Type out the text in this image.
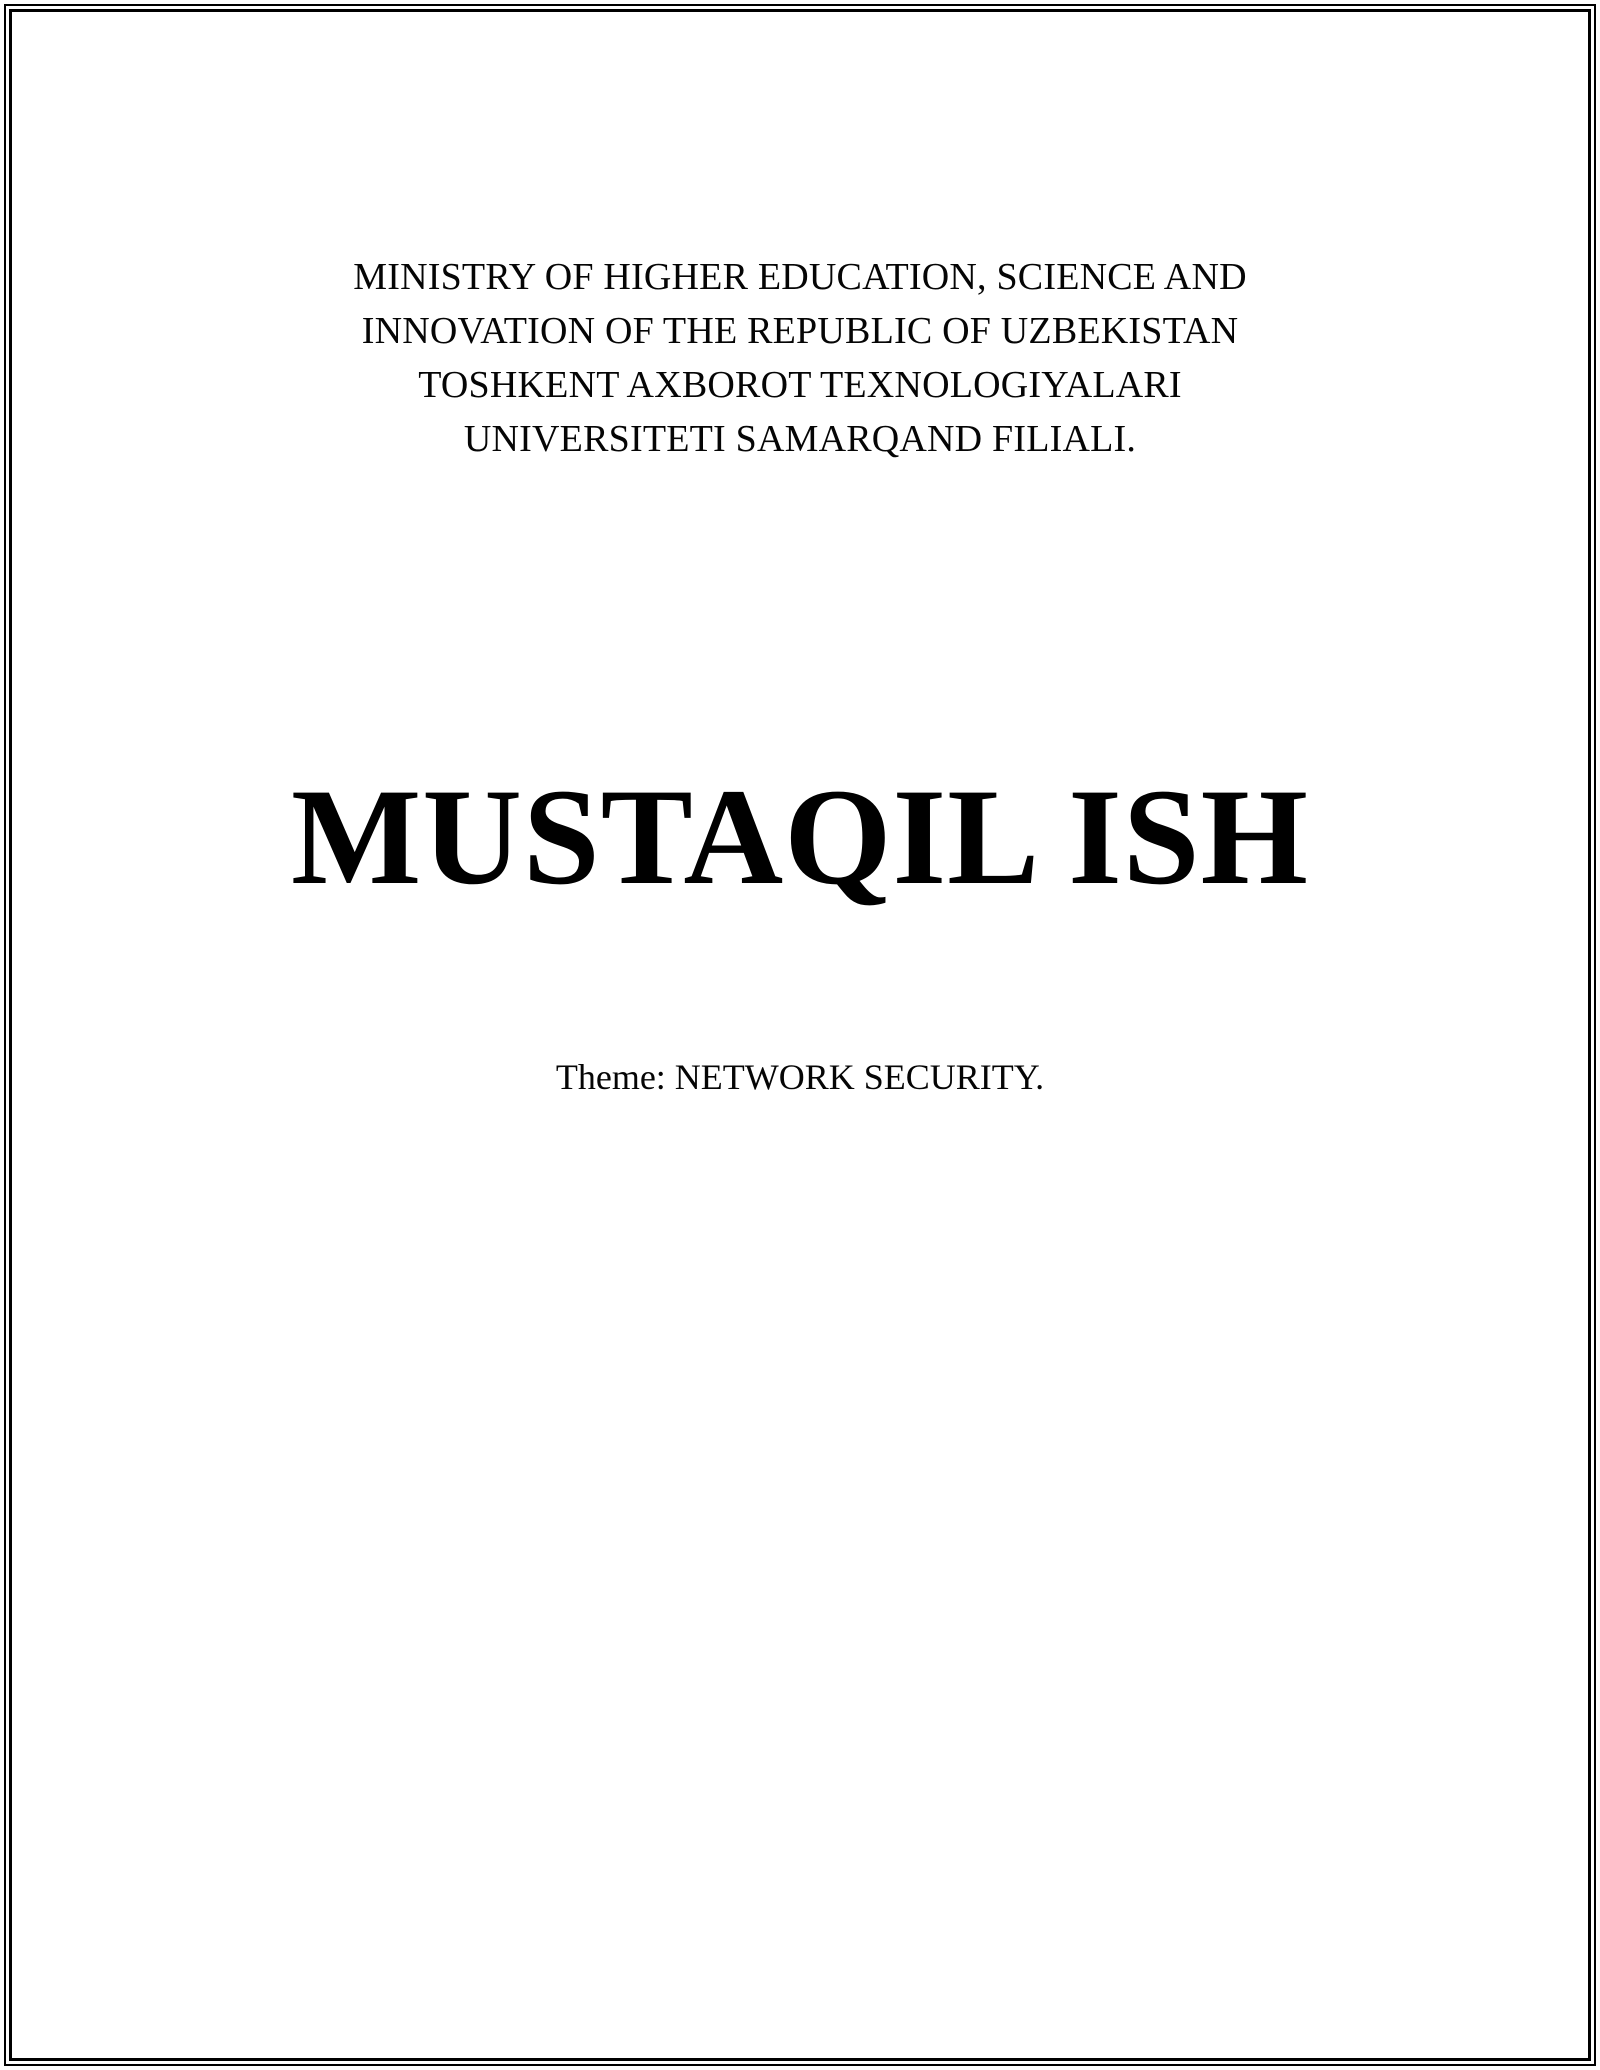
MINISTRY OF HIGHER EDUCATION, SCIENCE AND
INNOVATION OF THE REPUBLIC OF UZBEKISTAN
TOSHKENT AXBOROT TEXNOLOGIYALARI
UNIVERSITETI SAMARQAND FILIALI.
MUSTAQIL ISH
Theme: NETWORK SECURITY.
